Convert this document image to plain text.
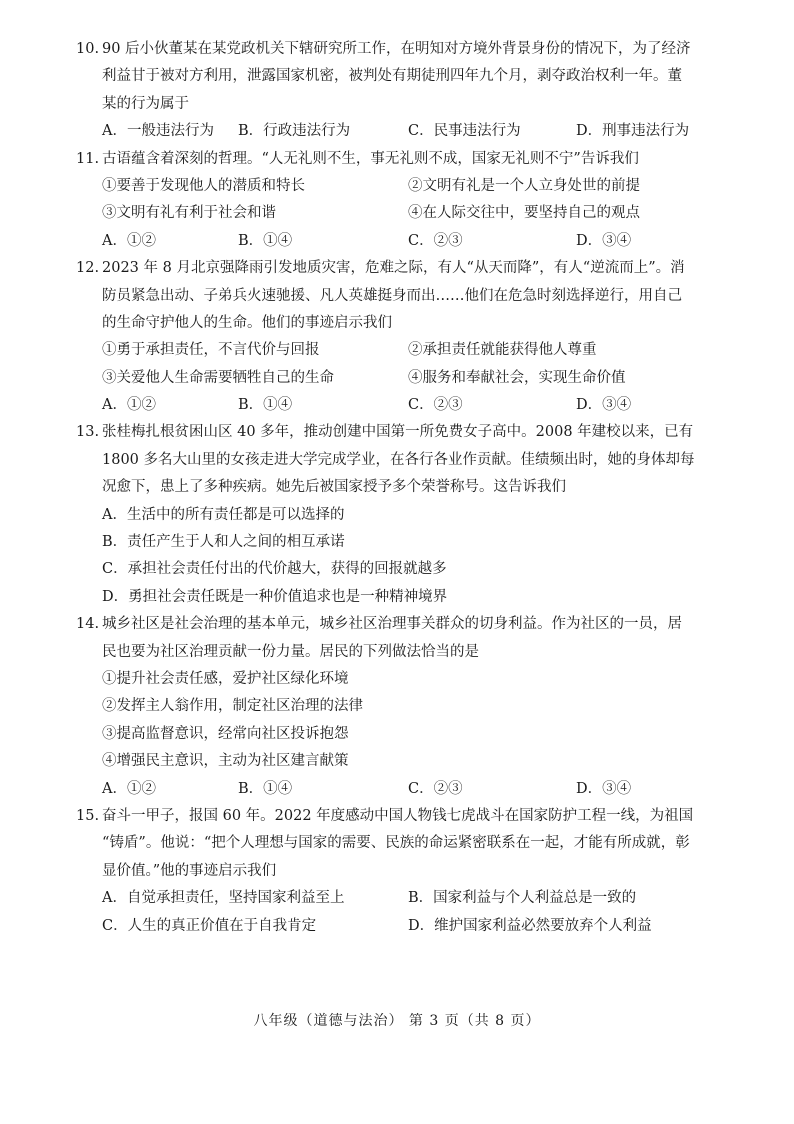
10. 90 后小伙董某在某党政机关下辖研究所工作，在明知对方境外背景身份的情况下，为了经济
利益甘于被对方利用，泄露国家机密，被判处有期徒刑四年九个月，剥夺政治权利一年。董
某的行为属于
A．一般违法行为	B．行政违法行为	C．民事违法行为	D．刑事违法行为
11. 古语蕴含着深刻的哲理。“人无礼则不生，事无礼则不成，国家无礼则不宁”告诉我们
①要善于发现他人的潜质和特长	②文明有礼是一个人立身处世的前提
③文明有礼有利于社会和谐	④在人际交往中，要坚持自己的观点
A．①②	B．①④	C．②③	D．③④
12. 2023 年 8 月北京强降雨引发地质灾害，危难之际，有人“从天而降”，有人“逆流而上”。消
防员紧急出动、子弟兵火速驰援、凡人英雄挺身而出……他们在危急时刻选择逆行，用自己
的生命守护他人的生命。他们的事迹启示我们
①勇于承担责任，不言代价与回报	②承担责任就能获得他人尊重
③关爱他人生命需要牺牲自己的生命	④服务和奉献社会，实现生命价值
A．①②	B．①④	C．②③	D．③④
13. 张桂梅扎根贫困山区 40 多年，推动创建中国第一所免费女子高中。2008 年建校以来，已有
1800 多名大山里的女孩走进大学完成学业，在各行各业作贡献。佳绩频出时，她的身体却每
况愈下，患上了多种疾病。她先后被国家授予多个荣誉称号。这告诉我们
A．生活中的所有责任都是可以选择的
B．责任产生于人和人之间的相互承诺
C．承担社会责任付出的代价越大，获得的回报就越多
D．勇担社会责任既是一种价值追求也是一种精神境界
14. 城乡社区是社会治理的基本单元，城乡社区治理事关群众的切身利益。作为社区的一员，居
民也要为社区治理贡献一份力量。居民的下列做法恰当的是
①提升社会责任感，爱护社区绿化环境
②发挥主人翁作用，制定社区治理的法律
③提高监督意识，经常向社区投诉抱怨
④增强民主意识，主动为社区建言献策
A．①②	B．①④	C．②③	D．③④
15. 奋斗一甲子，报国 60 年。2022 年度感动中国人物钱七虎战斗在国家防护工程一线，为祖国
“铸盾”。他说：“把个人理想与国家的需要、民族的命运紧密联系在一起，才能有所成就，彰
显价值。”他的事迹启示我们
A．自觉承担责任，坚持国家利益至上	B．国家利益与个人利益总是一致的
C．人生的真正价值在于自我肯定	D．维护国家利益必然要放弃个人利益
八年级（道德与法治） 第 3 页（共 8 页）
